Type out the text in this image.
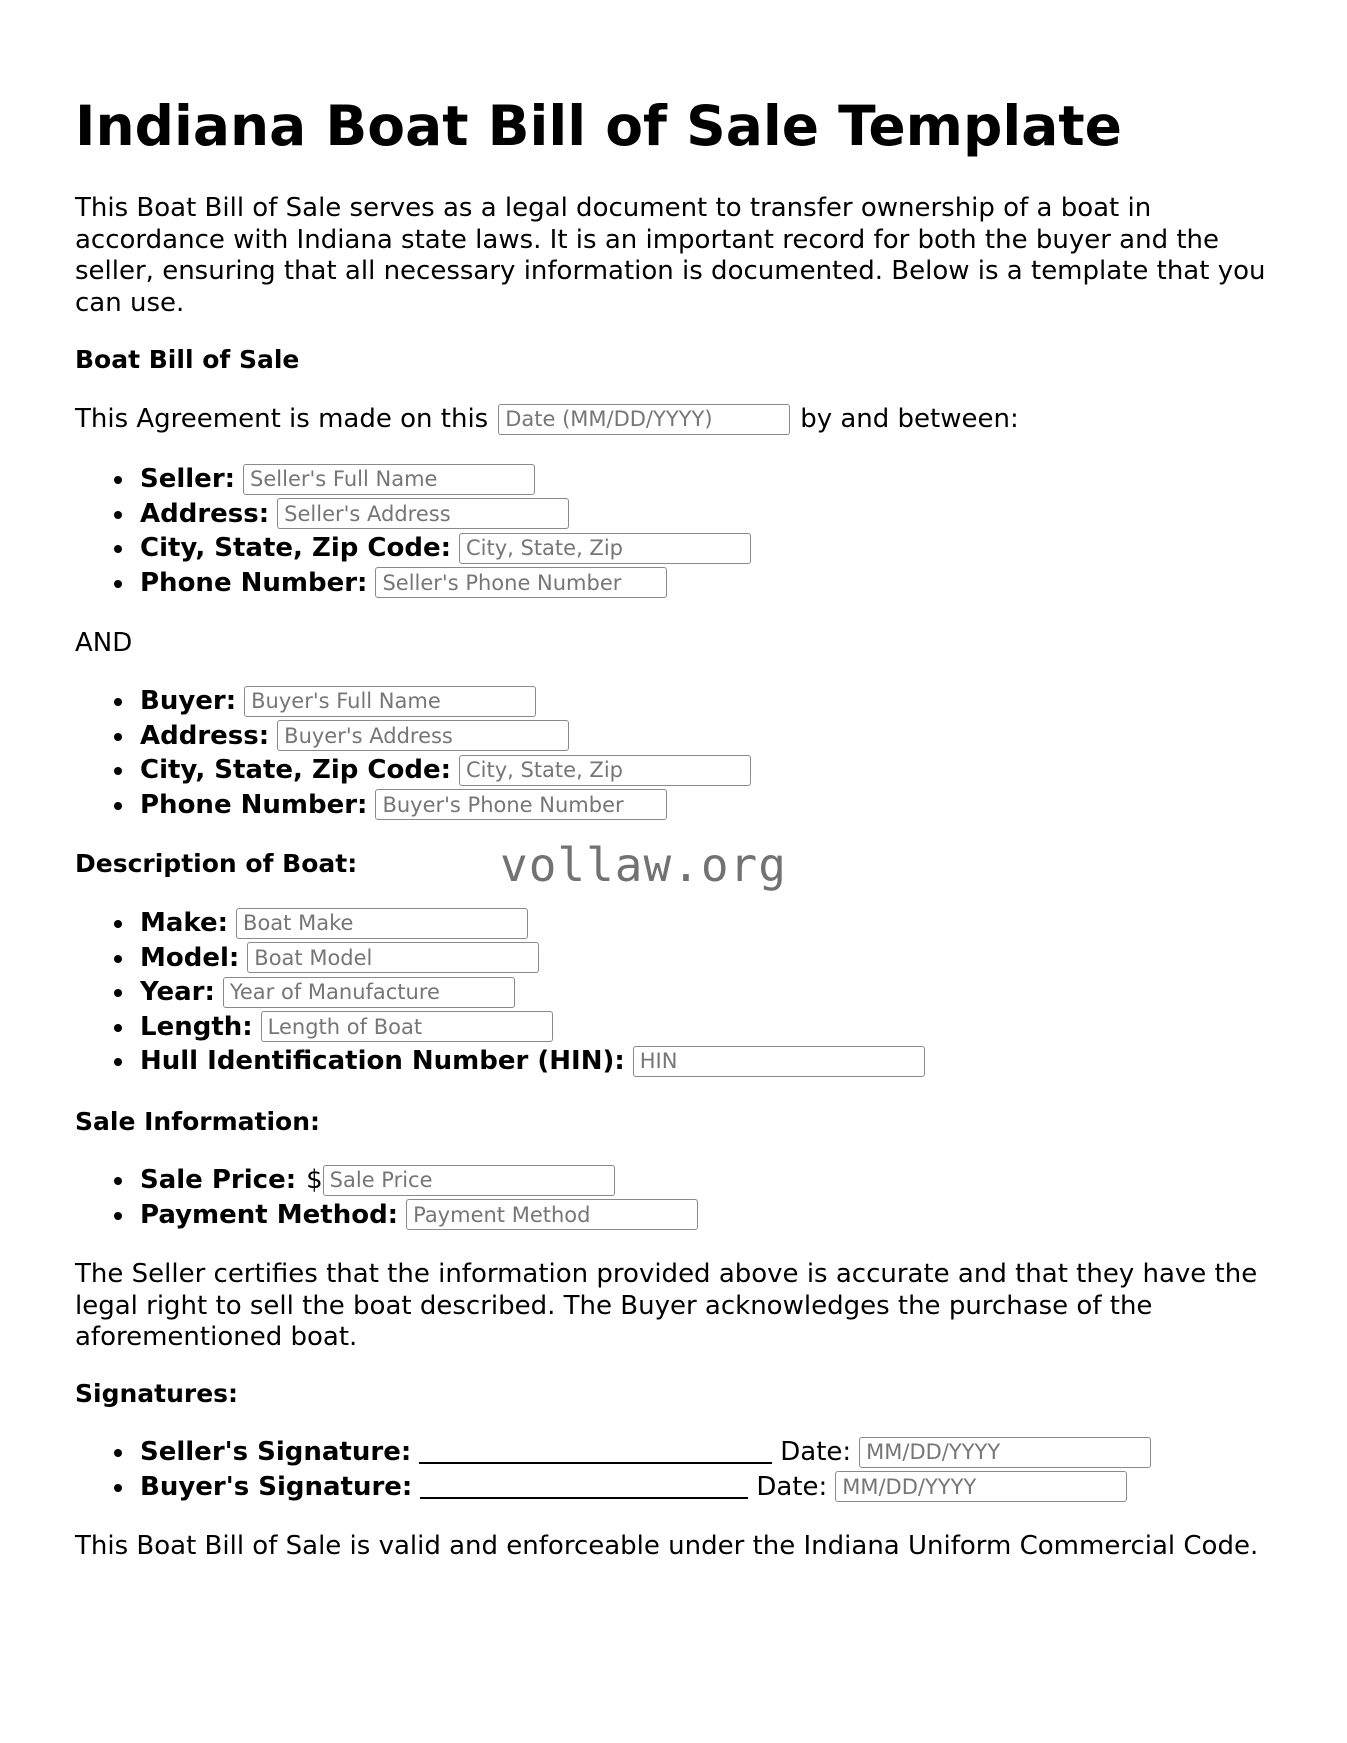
Indiana Boat Bill of Sale Template

This Boat Bill of Sale serves as a legal document to transfer ownership of a boat in accordance with Indiana state laws. It is an important record for both the buyer and the seller, ensuring that all necessary information is documented. Below is a template that you can use.

Boat Bill of Sale
This Agreement is made on this
Date (MM/DD/YYYY)	by and between:
Seller:
Seller's Full Name
Address:
Seller's Address
City, State, Zip Code:
City, State, Zip
Phone Number:
Seller's Phone Number
AND
Buyer:
Buyer's Full Name
Address:
Buyer's Address
City, State, Zip Code:
City, State, Zip
Phone Number:
Buyer's Phone Number
Description of Boat:
Make:
Boat Make
Model:
Boat Model
Year:
Year of Manufacture
Length:
Length of Boat
Hull Identification Number (HIN):
HIN
Sale Information:
Sale Price: $
Sale Price
Payment Method:
Payment Method

The Seller certifies that the information provided above is accurate and that they have the legal right to sell the boat described. The Buyer acknowledges the purchase of the aforementioned boat.

Signatures:
Seller's Signature:	Date:
MM/DD/YYYY
Buyer's Signature:	Date:
MM/DD/YYYY

This Boat Bill of Sale is valid and enforceable under the Indiana Uniform Commercial Code.

vollaw.org
